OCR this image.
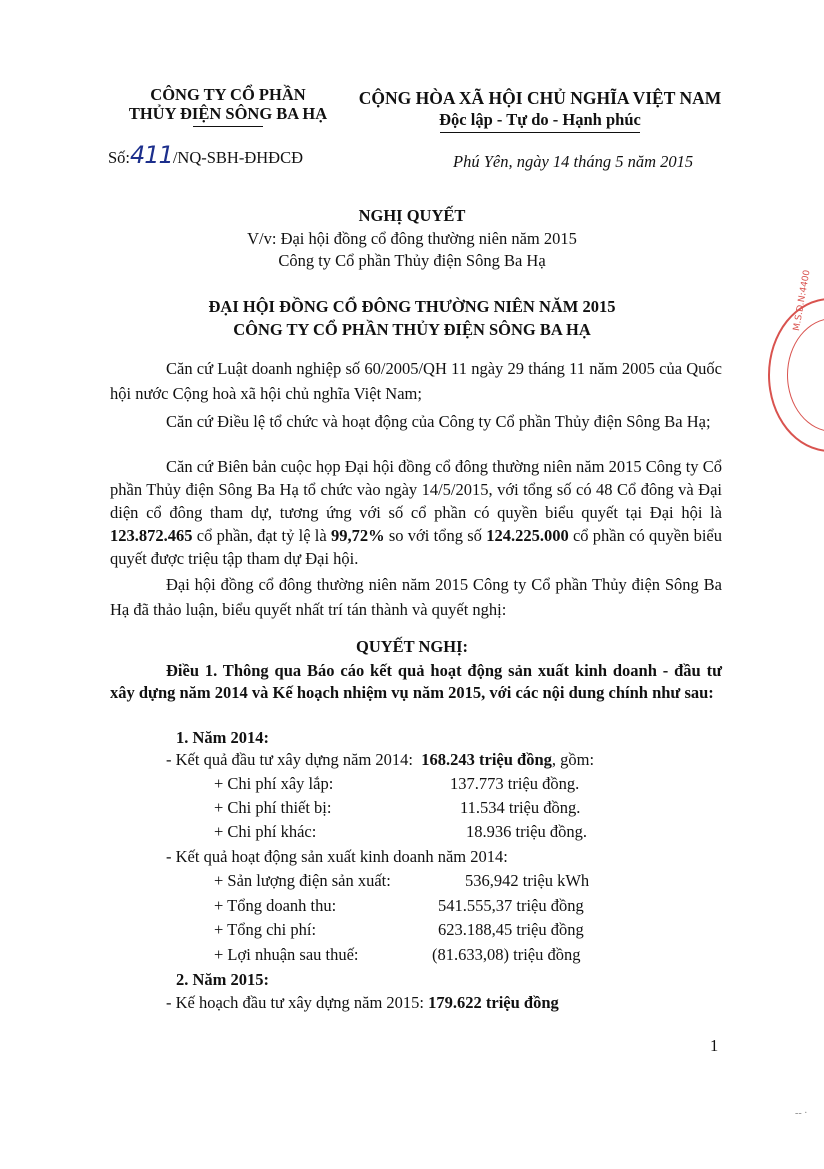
CÔNG TY CỔ PHẦN
THỦY ĐIỆN SÔNG BA HẠ
CỘNG HÒA XÃ HỘI CHỦ NGHĨA VIỆT NAM
Độc lập - Tự do - Hạnh phúc
Số:411/NQ-SBH-ĐHĐCĐ	Phú Yên, ngày 14 tháng 5 năm 2015
NGHỊ QUYẾT
V/v: Đại hội đồng cổ đông thường niên năm 2015
Công ty Cổ phần Thủy điện Sông Ba Hạ
ĐẠI HỘI ĐỒNG CỔ ĐÔNG THƯỜNG NIÊN NĂM 2015
CÔNG TY CỔ PHẦN THỦY ĐIỆN SÔNG BA HẠ
Căn cứ Luật doanh nghiệp số 60/2005/QH 11 ngày 29 tháng 11 năm 2005 của Quốc hội nước Cộng hoà xã hội chủ nghĩa Việt Nam;
Căn cứ Điều lệ tổ chức và hoạt động của Công ty Cổ phần Thủy điện Sông Ba Hạ;
Căn cứ Biên bản cuộc họp Đại hội đồng cổ đông thường niên năm 2015 Công ty Cổ phần Thủy điện Sông Ba Hạ tổ chức vào ngày 14/5/2015, với tổng số có 48 Cổ đông và Đại diện cổ đông tham dự, tương ứng với số cổ phần có quyền biểu quyết tại Đại hội là 123.872.465 cổ phần, đạt tỷ lệ là 99,72% so với tổng số 124.225.000 cổ phần có quyền biểu quyết được triệu tập tham dự Đại hội.
Đại hội đồng cổ đông thường niên năm 2015 Công ty Cổ phần Thủy điện Sông Ba Hạ đã thảo luận, biểu quyết nhất trí tán thành và quyết nghị:
QUYẾT NGHỊ:
Điều 1. Thông qua Báo cáo kết quả hoạt động sản xuất kinh doanh - đầu tư xây dựng năm 2014 và Kế hoạch nhiệm vụ năm 2015, với các nội dung chính như sau:
1. Năm 2014:
- Kết quả đầu tư xây dựng năm 2014: 168.243 triệu đồng, gồm:
+ Chi phí xây lắp:	137.773 triệu đồng.
+ Chi phí thiết bị:	11.534 triệu đồng.
+ Chi phí khác:	18.936 triệu đồng.
- Kết quả hoạt động sản xuất kinh doanh năm 2014:
+ Sản lượng điện sản xuất:	536,942 triệu kWh
+ Tổng doanh thu:	541.555,37 triệu đồng
+ Tổng chi phí:	623.188,45 triệu đồng
+ Lợi nhuận sau thuế:	(81.633,08) triệu đồng
2. Năm 2015:
- Kế hoạch đầu tư xây dựng năm 2015: 179.622 triệu đồng
1
M.S.D.N:4400
-- ·
